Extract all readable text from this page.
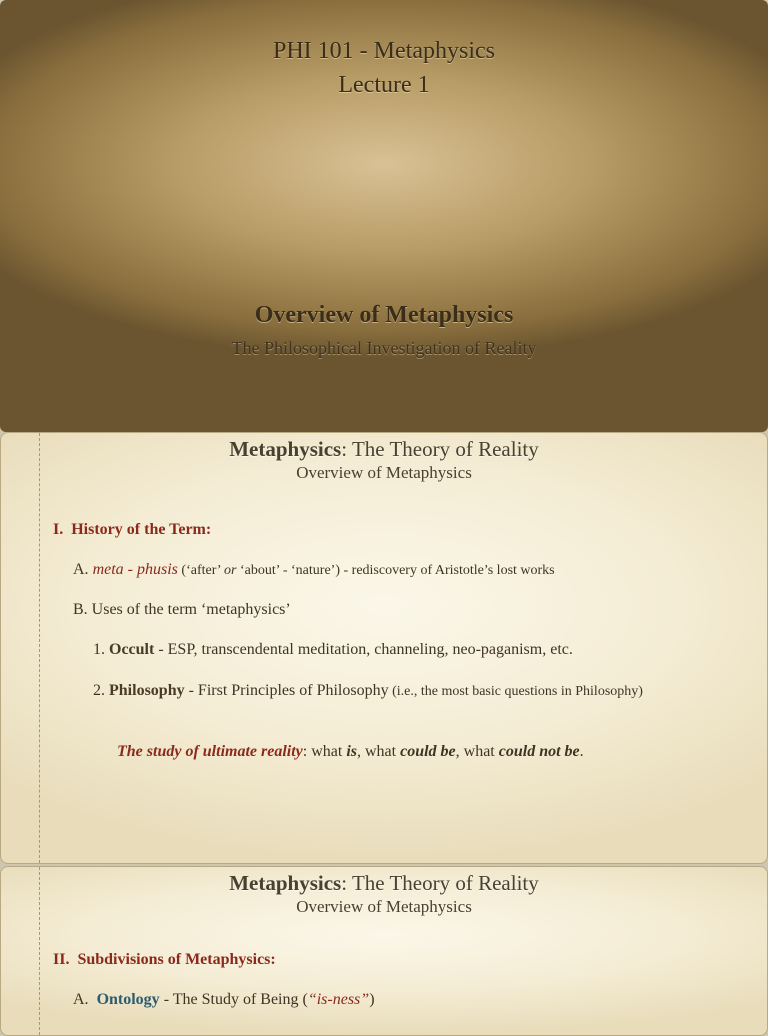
PHI 101 - Metaphysics
Lecture 1
Overview of Metaphysics
The Philosophical Investigation of Reality
Metaphysics: The Theory of Reality
Overview of Metaphysics
I. History of the Term:
A. meta - phusis (‘after’ or ‘about’ - ‘nature’) - rediscovery of Aristotle’s lost works
B. Uses of the term ‘metaphysics’
1. Occult - ESP, transcendental meditation, channeling, neo-paganism, etc.
2. Philosophy - First Principles of Philosophy (i.e., the most basic questions in Philosophy)
The study of ultimate reality: what is, what could be, what could not be.
Metaphysics: The Theory of Reality
Overview of Metaphysics
II. Subdivisions of Metaphysics:
A. Ontology - The Study of Being (“is-ness”)
